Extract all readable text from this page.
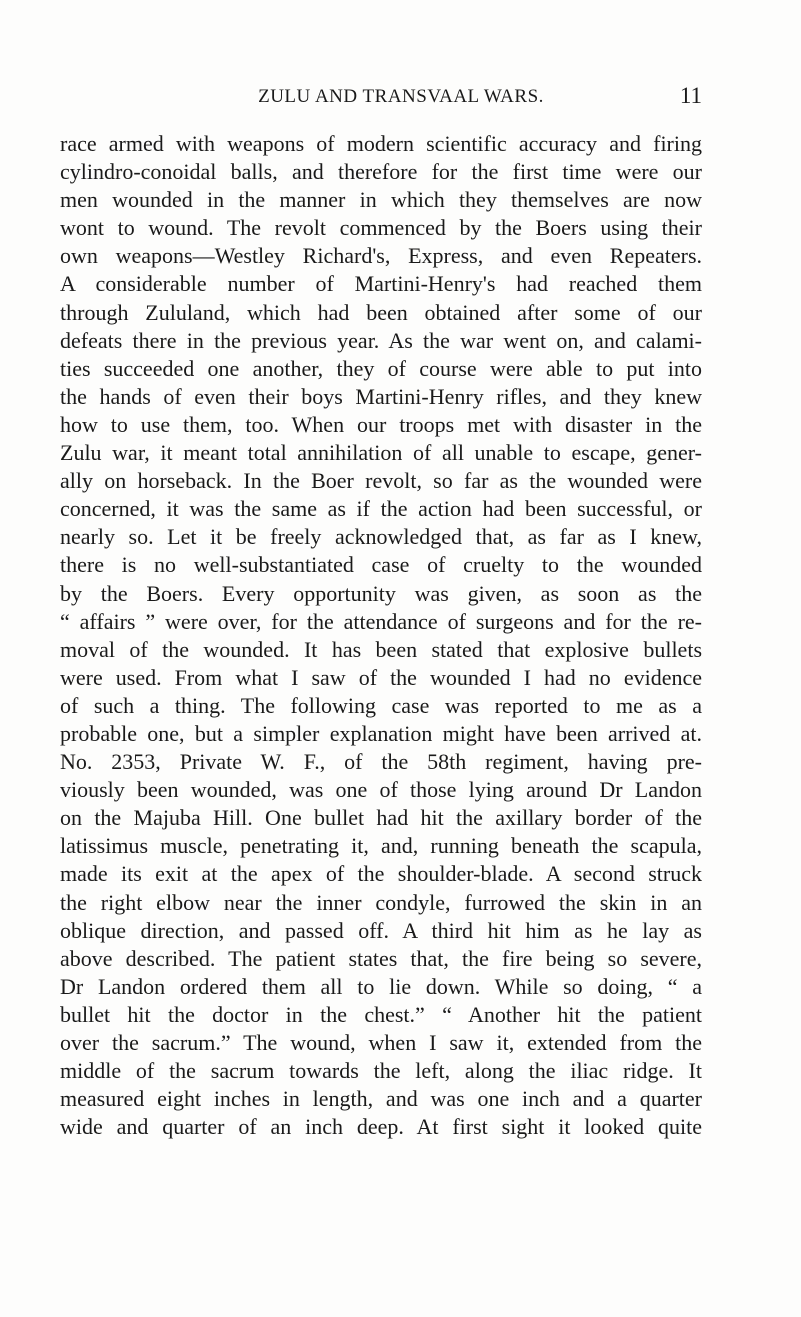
ZULU AND TRANSVAAL WARS.	11
race armed with weapons of modern scientific accuracy and firing
cylindro-conoidal balls, and therefore for the first time were our
men wounded in the manner in which they themselves are now
wont to wound. The revolt commenced by the Boers using their
own weapons—Westley Richard's, Express, and even Repeaters.
A considerable number of Martini-Henry's had reached them
through Zululand, which had been obtained after some of our
defeats there in the previous year. As the war went on, and calami-
ties succeeded one another, they of course were able to put into
the hands of even their boys Martini-Henry rifles, and they knew
how to use them, too. When our troops met with disaster in the
Zulu war, it meant total annihilation of all unable to escape, gener-
ally on horseback. In the Boer revolt, so far as the wounded were
concerned, it was the same as if the action had been successful, or
nearly so. Let it be freely acknowledged that, as far as I knew,
there is no well-substantiated case of cruelty to the wounded
by the Boers. Every opportunity was given, as soon as the
“ affairs ” were over, for the attendance of surgeons and for the re-
moval of the wounded. It has been stated that explosive bullets
were used. From what I saw of the wounded I had no evidence
of such a thing. The following case was reported to me as a
probable one, but a simpler explanation might have been arrived at.
No. 2353, Private W. F., of the 58th regiment, having pre-
viously been wounded, was one of those lying around Dr Landon
on the Majuba Hill. One bullet had hit the axillary border of the
latissimus muscle, penetrating it, and, running beneath the scapula,
made its exit at the apex of the shoulder-blade. A second struck
the right elbow near the inner condyle, furrowed the skin in an
oblique direction, and passed off. A third hit him as he lay as
above described. The patient states that, the fire being so severe,
Dr Landon ordered them all to lie down. While so doing, “ a
bullet hit the doctor in the chest.” “ Another hit the patient
over the sacrum.” The wound, when I saw it, extended from the
middle of the sacrum towards the left, along the iliac ridge. It
measured eight inches in length, and was one inch and a quarter
wide and quarter of an inch deep. At first sight it looked quite
